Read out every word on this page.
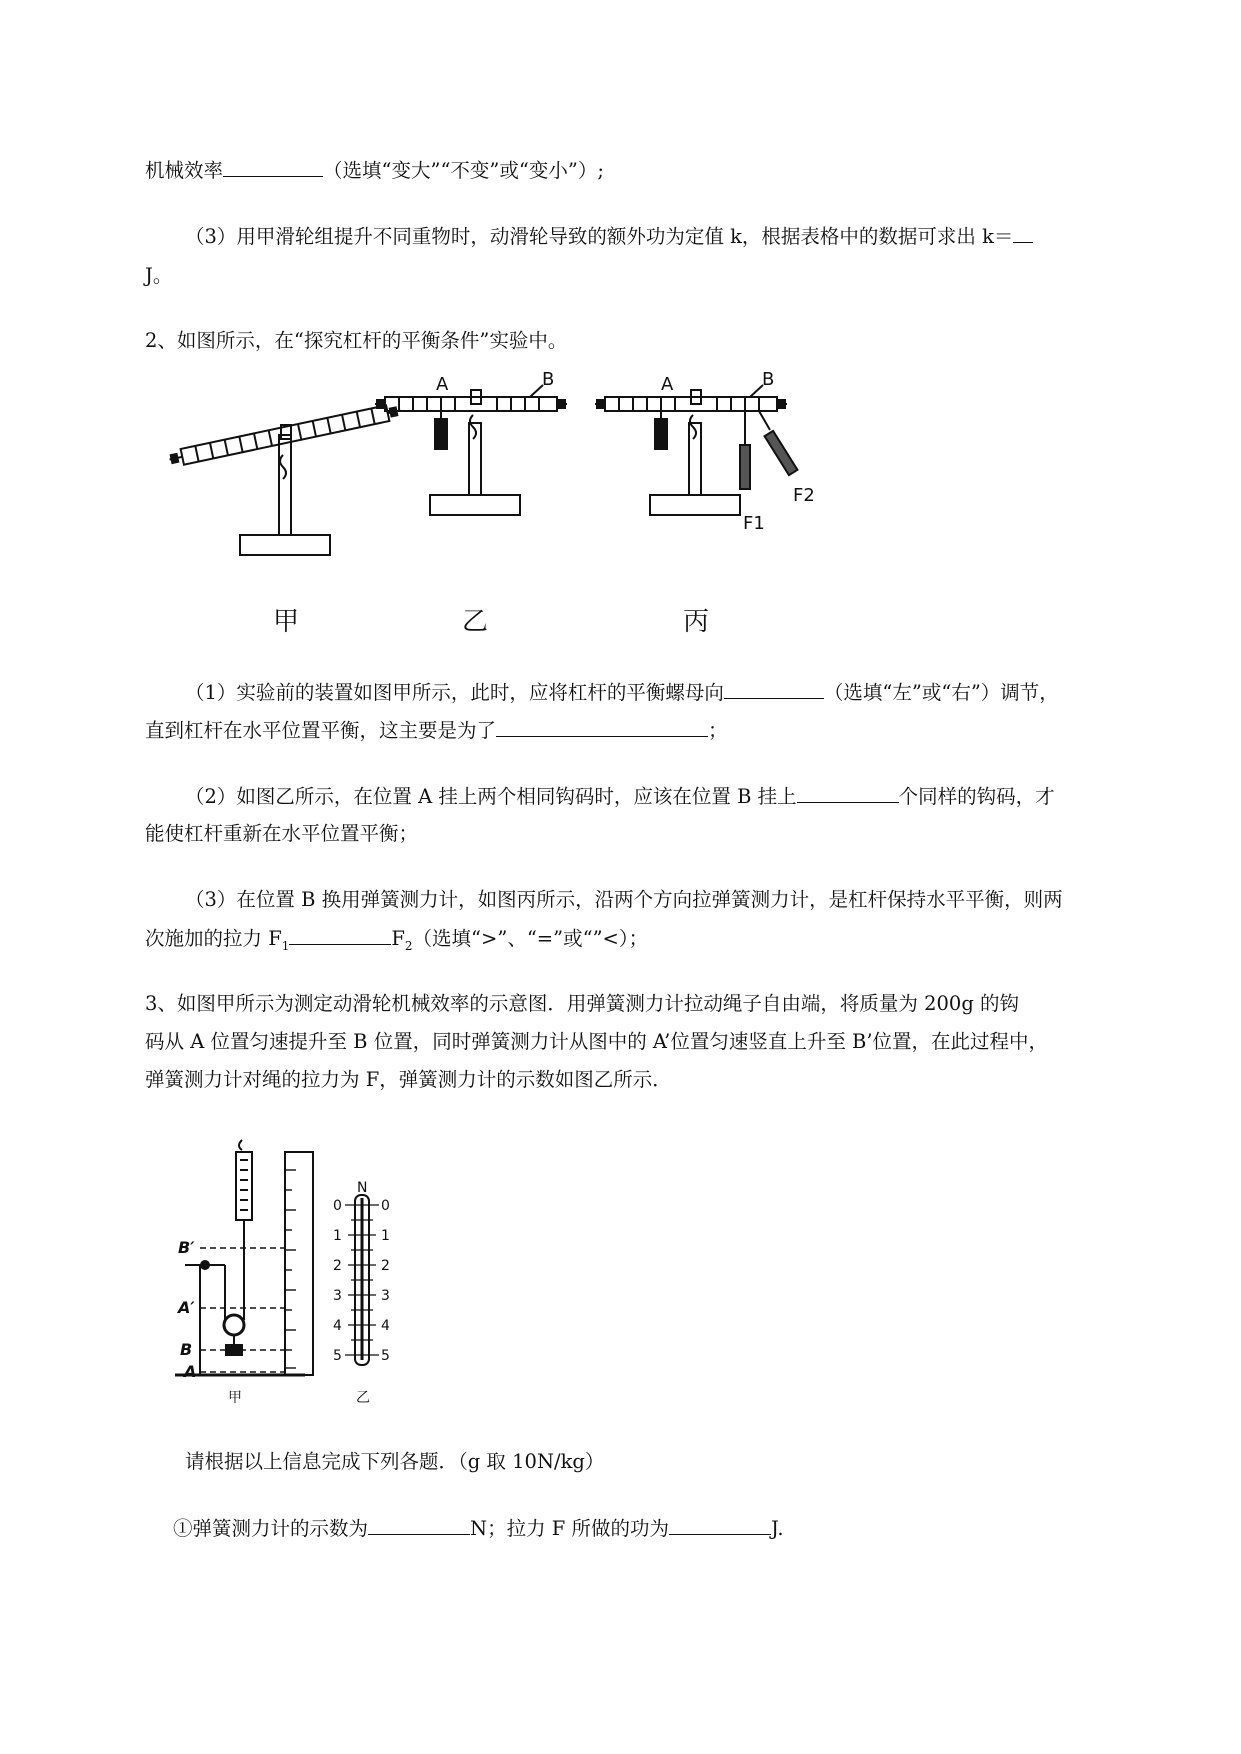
机械效率	（选填“变大”“不变”或“变小”）;
（3）用甲滑轮组提升不同重物时，动滑轮导致的额外功为定值 k，根据表格中的数据可求出 k＝
J。
2、如图所示，在“探究杠杆的平衡条件”实验中。
A	B	A	B
F1
F2
甲	乙	丙
（1）实验前的装置如图甲所示，此时，应将杠杆的平衡螺母向	（选填“左”或“右”）调节，
直到杠杆在水平位置平衡，这主要是为了	；
（2）如图乙所示，在位置 A 挂上两个相同钩码时，应该在位置 B 挂上	个同样的钩码，才
能使杠杆重新在水平位置平衡；
（3）在位置 B 换用弹簧测力计，如图丙所示，沿两个方向拉弹簧测力计，是杠杆保持水平平衡，则两
次施加的拉力 $F_1$	$F_2$（选填“>”、“=”或“”<）；
3、如图甲所示为测定动滑轮机械效率的示意图．用弹簧测力计拉动绳子自由端，将质量为 200g 的钩
码从 A 位置匀速提升至 B 位置，同时弹簧测力计从图中的 A’位置匀速竖直上升至 B’位置，在此过程中，
弹簧测力计对绳的拉力为 F，弹簧测力计的示数如图乙所示．
B′
A′
B
A
N
0	0
1	1
2	2
3	3
4	4
5	5
甲	乙
请根据以上信息完成下列各题．（g 取 10N/kg）
①弹簧测力计的示数为	N；拉力 F 所做的功为	J.
